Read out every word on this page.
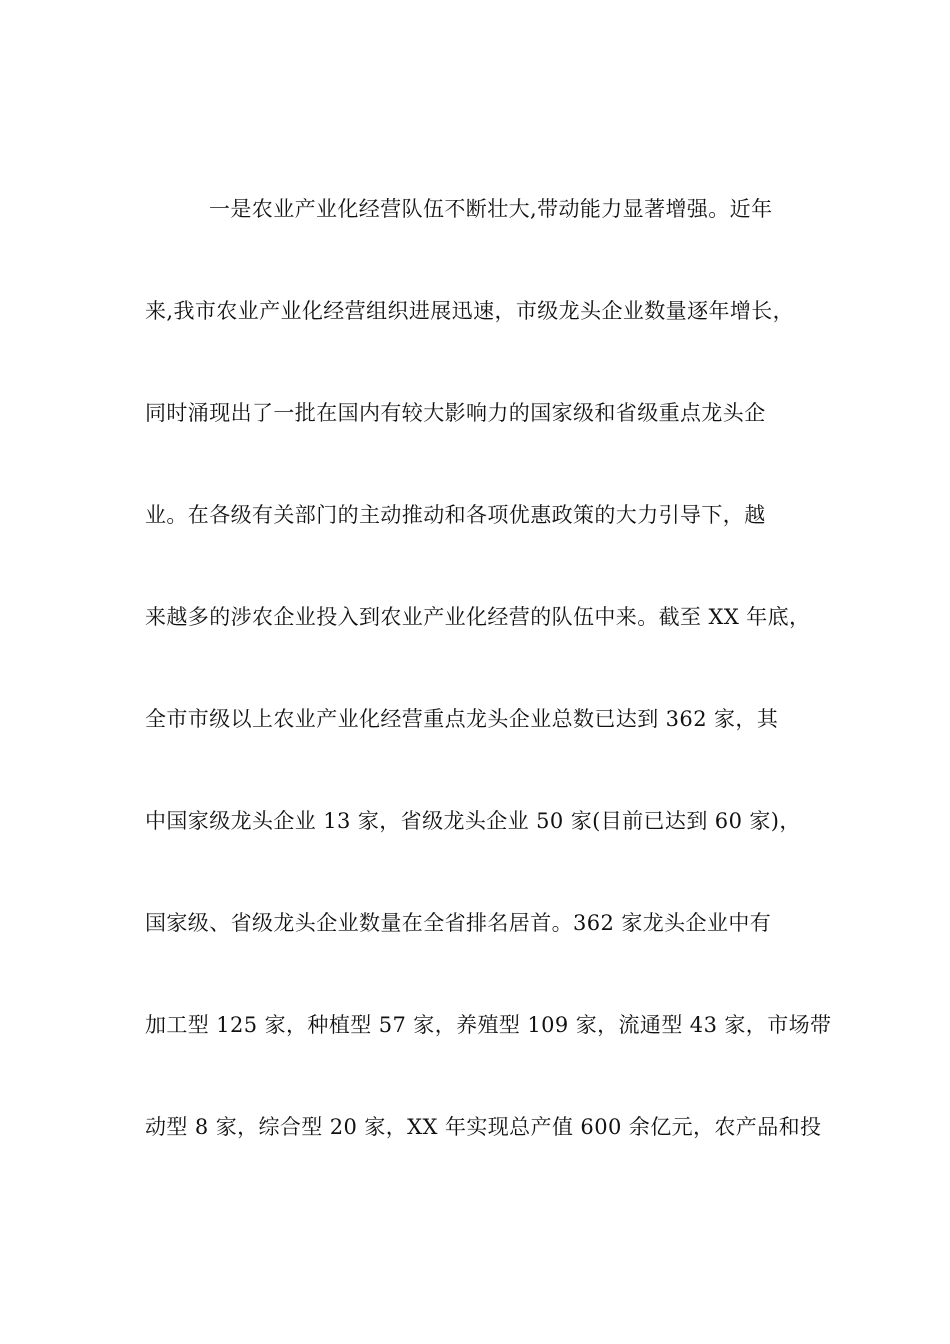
一是农业产业化经营队伍不断壮大,带动能力显著增强。近年
来,我市农业产业化经营组织进展迅速，市级龙头企业数量逐年增长，
同时涌现出了一批在国内有较大影响力的国家级和省级重点龙头企
业。在各级有关部门的主动推动和各项优惠政策的大力引导下，越
来越多的涉农企业投入到农业产业化经营的队伍中来。截至 XX 年底，
全市市级以上农业产业化经营重点龙头企业总数已达到 362 家，其
中国家级龙头企业 13 家，省级龙头企业 50 家(目前已达到 60 家)，
国家级、省级龙头企业数量在全省排名居首。362 家龙头企业中有
加工型 125 家，种植型 57 家，养殖型 109 家，流通型 43 家，市场带
动型 8 家，综合型 20 家，XX 年实现总产值 600 余亿元，农产品和投
